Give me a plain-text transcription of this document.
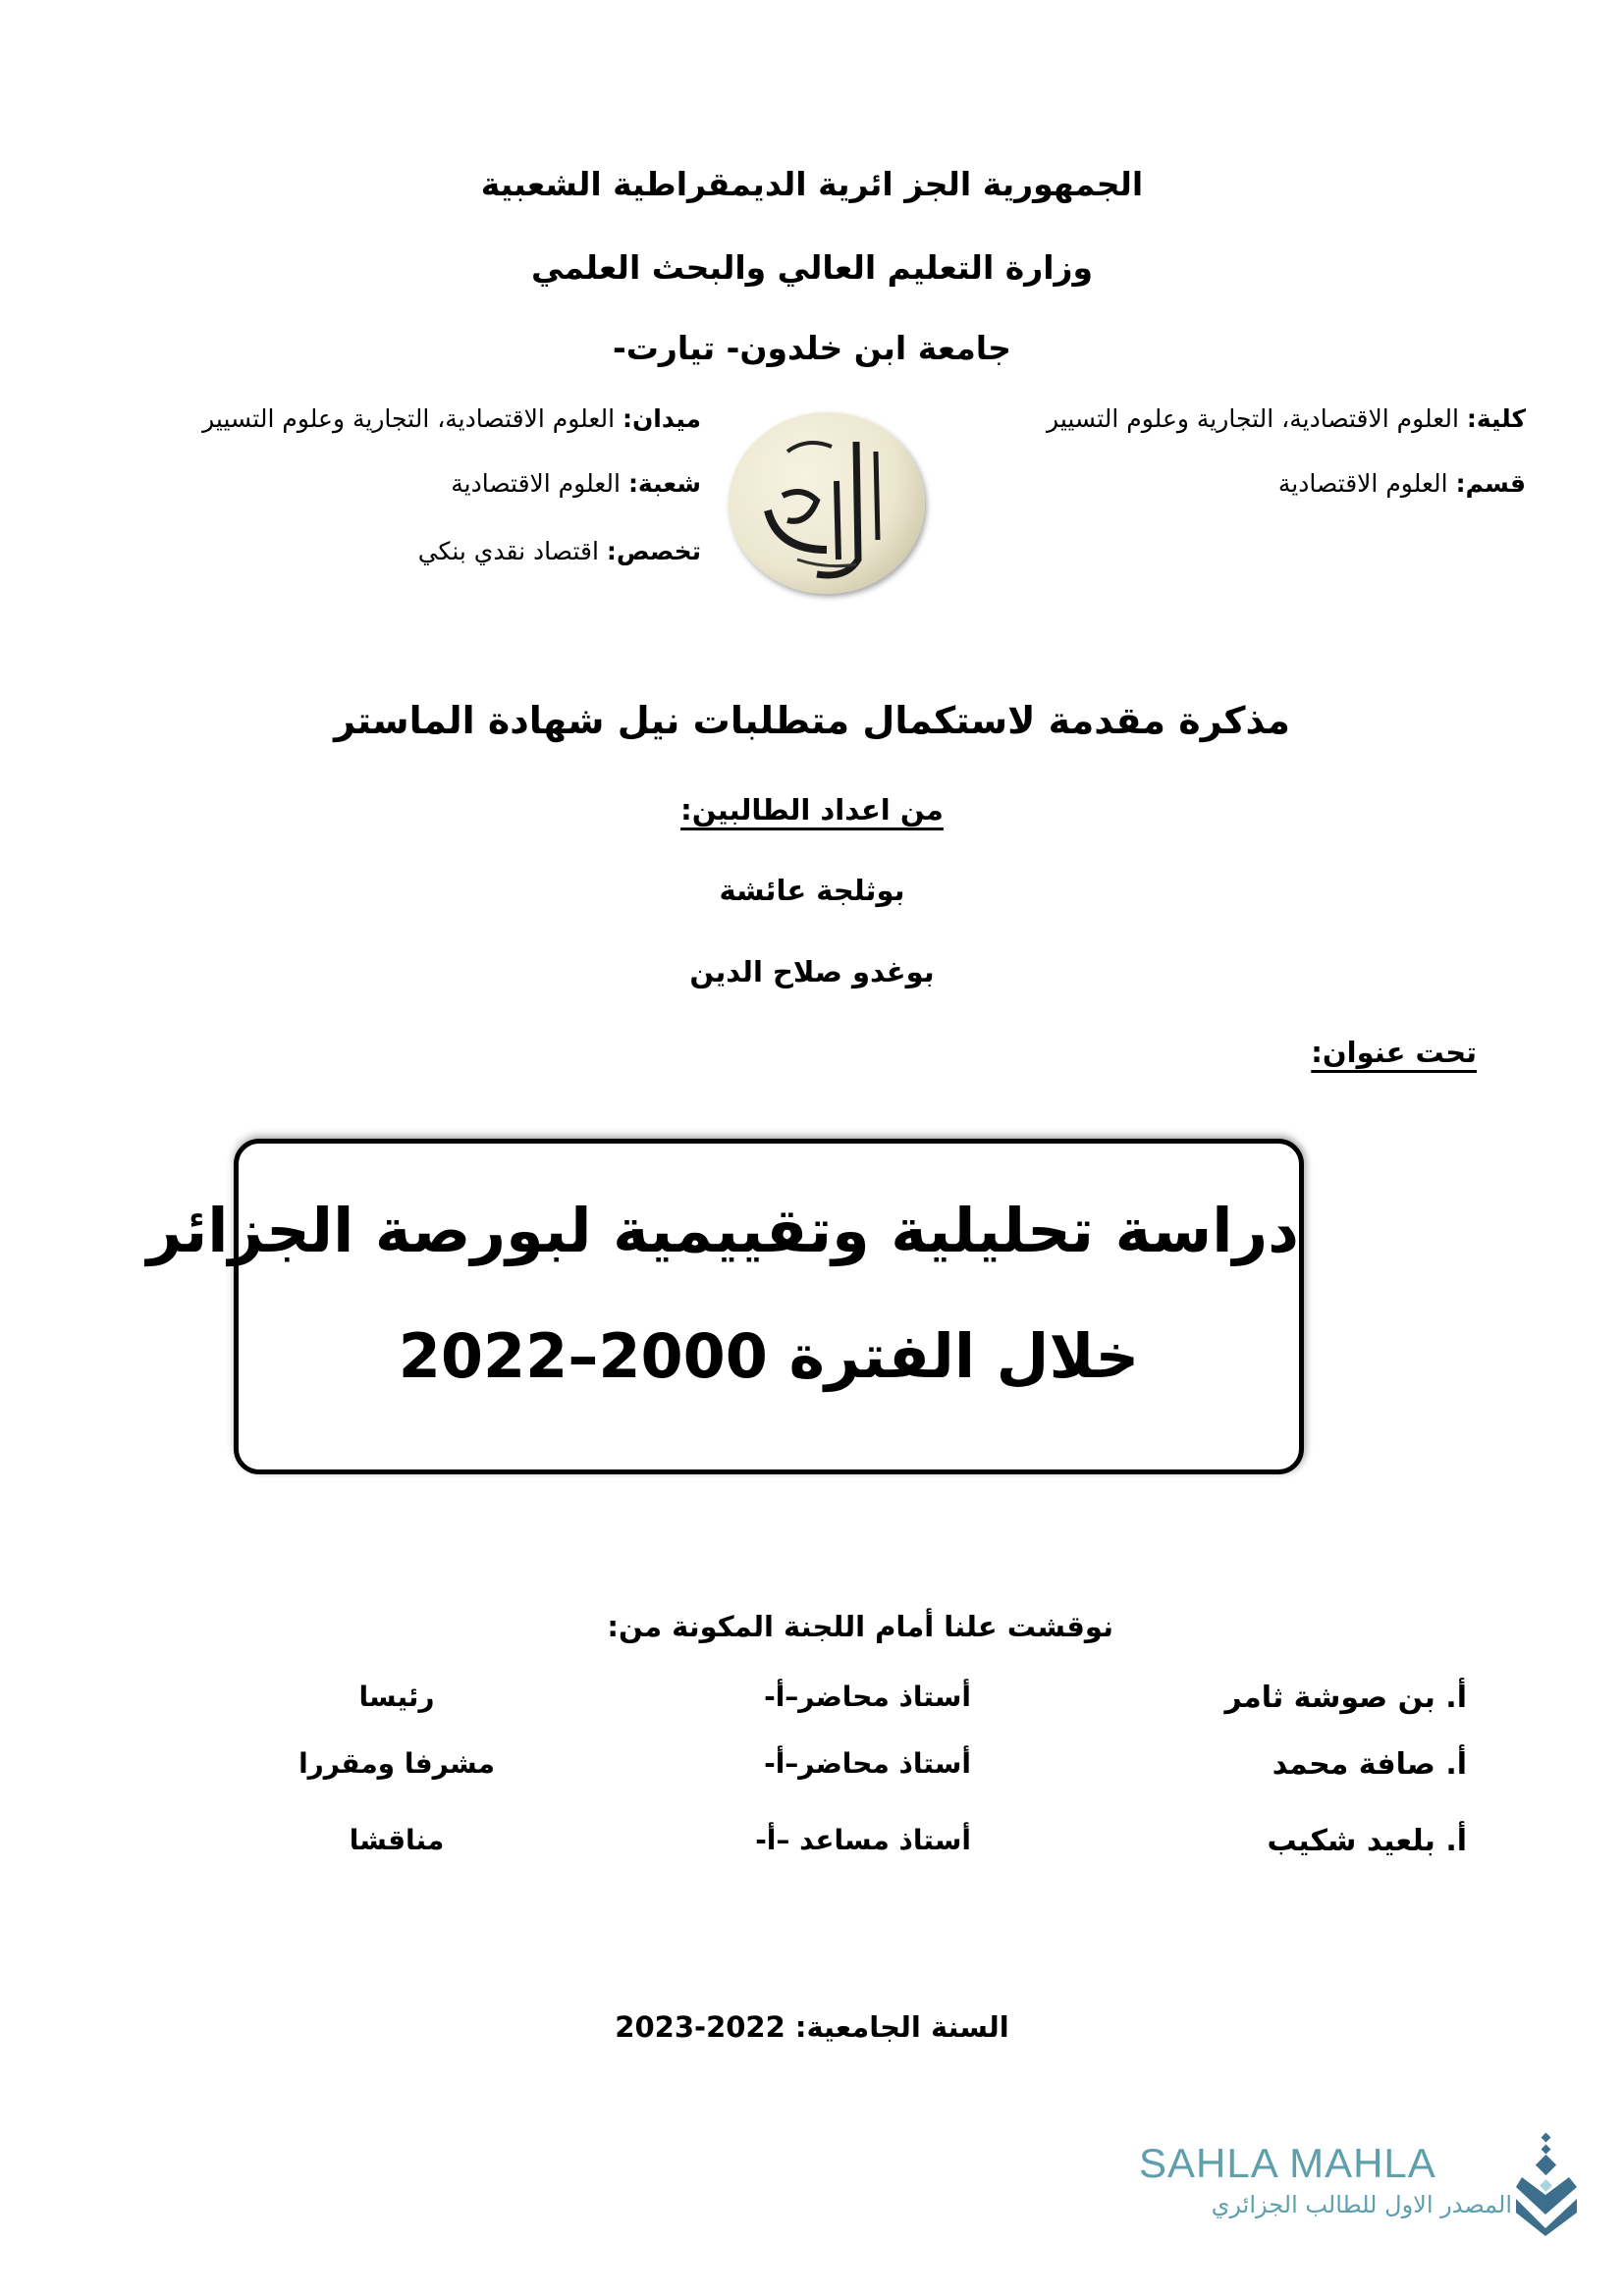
الجمهورية الجز ائرية الديمقراطية الشعبية
وزارة التعليم العالي والبحث العلمي
جامعة ابن خلدون- تيارت-
كلية: العلوم الاقتصادية، التجارية وعلوم التسيير
قسم: العلوم الاقتصادية
ميدان: العلوم الاقتصادية، التجارية وعلوم التسيير
شعبة: العلوم الاقتصادية
تخصص: اقتصاد نقدي بنكي
مذكرة مقدمة لاستكمال متطلبات نيل شهادة الماستر
من اعداد الطالبين:
بوثلجة عائشة
بوغدو صلاح الدين
تحت عنوان:
دراسة تحليلية وتقييمية لبورصة الجزائر
خلال الفترة 2000–2022
نوقشت علنا أمام اللجنة المكونة من:
أ. بن صوشة ثامر
أستاذ محاضر–أ-
رئيسا
أ. صافة محمد
أستاذ محاضر–أ-
مشرفا ومقررا
أ. بلعيد شكيب
أستاذ مساعد –أ-
مناقشا
السنة الجامعية: 2022-2023
SAHLA MAHLA
المصدر الاول للطالب الجزائري
